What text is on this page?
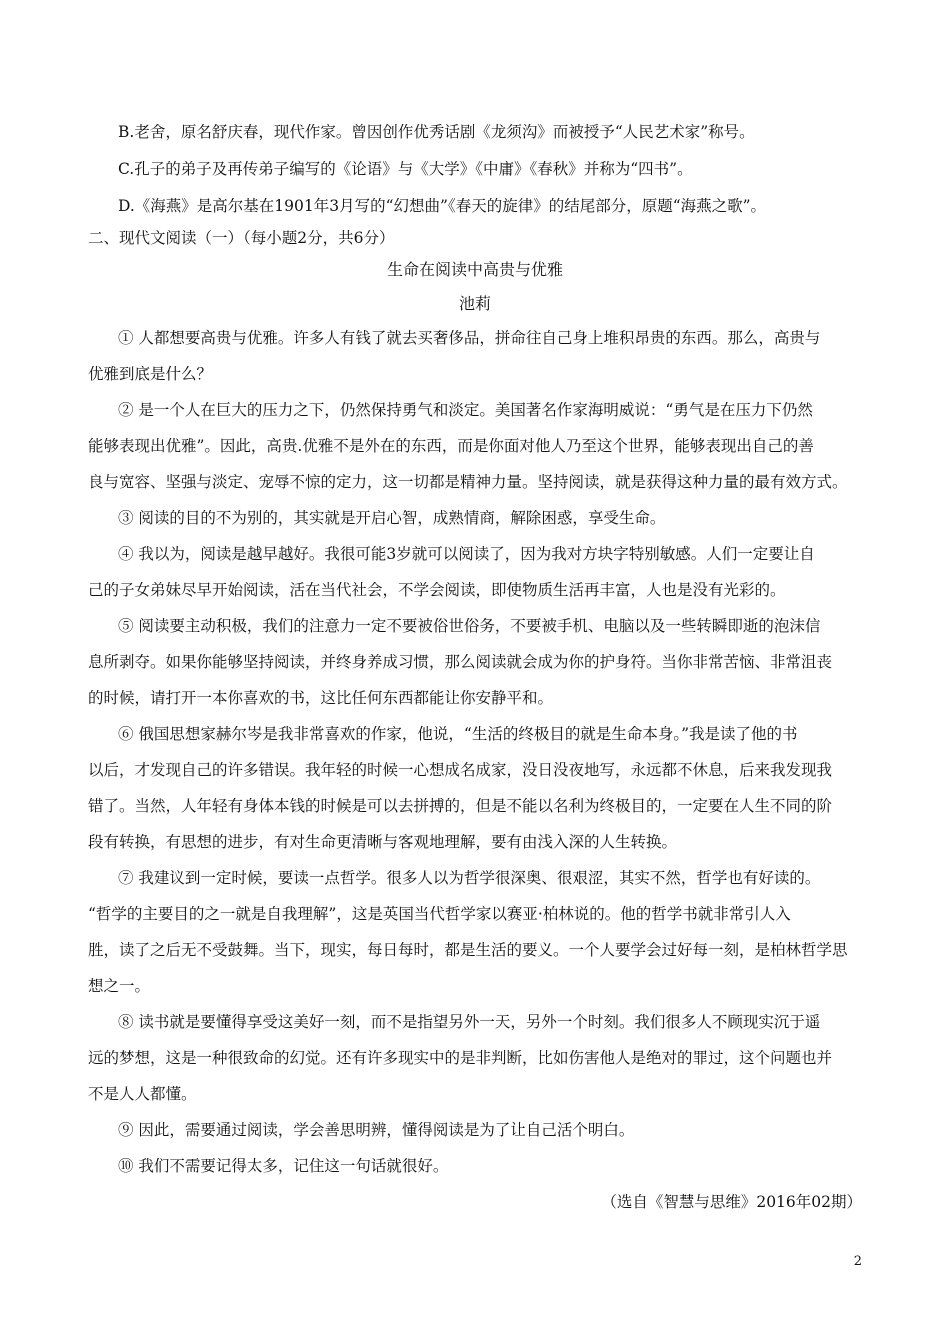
B.老舍，原名舒庆春，现代作家。曾因创作优秀话剧《龙须沟》而被授予“人民艺术家”称号。
C.孔子的弟子及再传弟子编写的《论语》与《大学》《中庸》《春秋》并称为“四书”。
D.《海燕》是高尔基在1901年3月写的“幻想曲”《春天的旋律》的结尾部分，原题“海燕之歌”。
二、现代文阅读（一）（每小题2分，共6分）
生命在阅读中高贵与优雅
池莉
① 人都想要高贵与优雅。许多人有钱了就去买奢侈品，拼命往自己身上堆积昂贵的东西。那么，高贵与
优雅到底是什么？
② 是一个人在巨大的压力之下，仍然保持勇气和淡定。美国著名作家海明威说：“勇气是在压力下仍然
能够表现出优雅”。因此，高贵.优雅不是外在的东西，而是你面对他人乃至这个世界，能够表现出自己的善
良与宽容、坚强与淡定、宠辱不惊的定力，这一切都是精神力量。坚持阅读，就是获得这种力量的最有效方式。
③ 阅读的目的不为别的，其实就是开启心智，成熟情商，解除困惑，享受生命。
④ 我以为，阅读是越早越好。我很可能3岁就可以阅读了，因为我对方块字特别敏感。人们一定要让自
己的子女弟妹尽早开始阅读，活在当代社会，不学会阅读，即使物质生活再丰富，人也是没有光彩的。
⑤ 阅读要主动积极，我们的注意力一定不要被俗世俗务，不要被手机、电脑以及一些转瞬即逝的泡沫信
息所剥夺。如果你能够坚持阅读，并终身养成习惯，那么阅读就会成为你的护身符。当你非常苦恼、非常沮丧
的时候，请打开一本你喜欢的书，这比任何东西都能让你安静平和。
⑥ 俄国思想家赫尔岑是我非常喜欢的作家，他说，“生活的终极目的就是生命本身。”我是读了他的书
以后，才发现自己的许多错误。我年轻的时候一心想成名成家，没日没夜地写，永远都不休息，后来我发现我
错了。当然，人年轻有身体本钱的时候是可以去拼搏的，但是不能以名利为终极目的，一定要在人生不同的阶
段有转换，有思想的进步，有对生命更清晰与客观地理解，要有由浅入深的人生转换。
⑦ 我建议到一定时候，要读一点哲学。很多人以为哲学很深奥、很艰涩，其实不然，哲学也有好读的。
“哲学的主要目的之一就是自我理解”，这是英国当代哲学家以赛亚·柏林说的。他的哲学书就非常引人入
胜，读了之后无不受鼓舞。当下，现实，每日每时，都是生活的要义。一个人要学会过好每一刻，是柏林哲学思
想之一。
⑧ 读书就是要懂得享受这美好一刻，而不是指望另外一天，另外一个时刻。我们很多人不顾现实沉于遥
远的梦想，这是一种很致命的幻觉。还有许多现实中的是非判断，比如伤害他人是绝对的罪过，这个问题也并
不是人人都懂。
⑨ 因此，需要通过阅读，学会善思明辨，懂得阅读是为了让自己活个明白。
⑩ 我们不需要记得太多，记住这一句话就很好。
（选自《智慧与思维》2016年02期）
2
